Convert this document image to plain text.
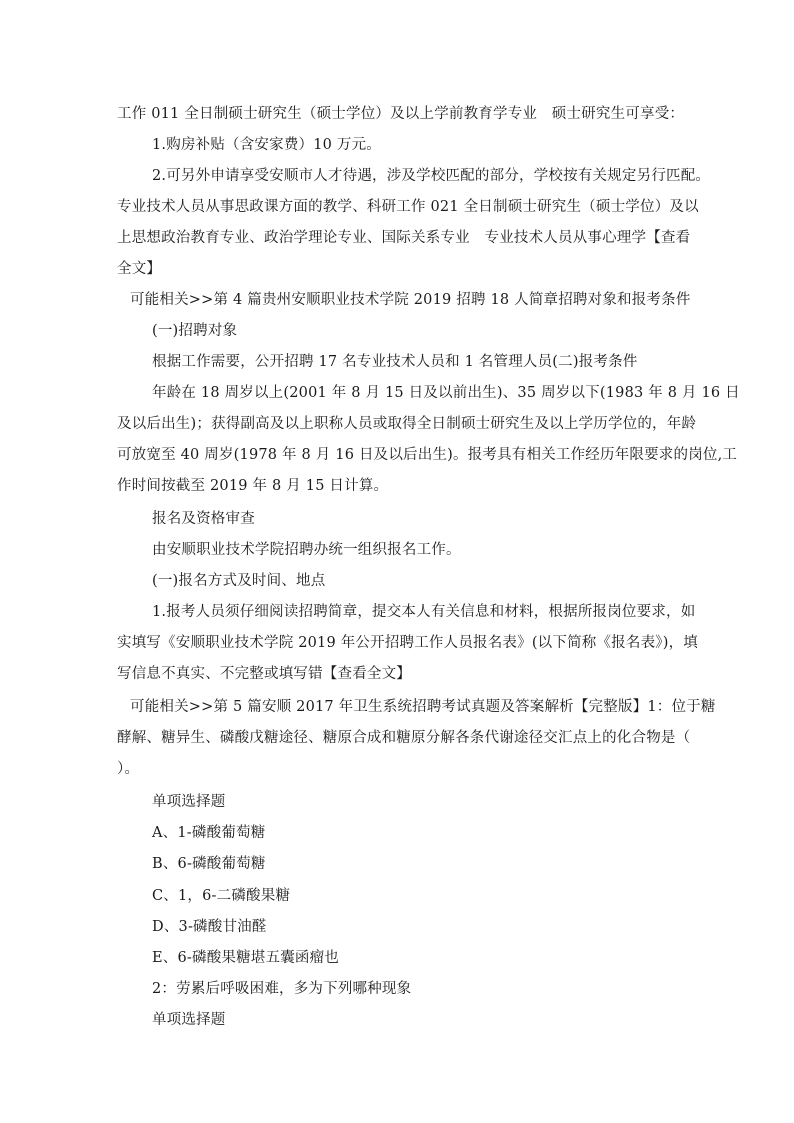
工作 011 全日制硕士研究生（硕士学位）及以上学前教育学专业　硕士研究生可享受：
1.购房补贴（含安家费）10 万元。
2.可另外申请享受安顺市人才待遇，涉及学校匹配的部分，学校按有关规定另行匹配。
专业技术人员从事思政课方面的教学、科研工作 021 全日制硕士研究生（硕士学位）及以
上思想政治教育专业、政治学理论专业、国际关系专业　专业技术人员从事心理学【查看
全文】
可能相关>>第 4 篇贵州安顺职业技术学院 2019 招聘 18 人简章招聘对象和报考条件
(一)招聘对象
根据工作需要，公开招聘 17 名专业技术人员和 1 名管理人员(二)报考条件
年龄在 18 周岁以上(2001 年 8 月 15 日及以前出生)、35 周岁以下(1983 年 8 月 16 日
及以后出生)；获得副高及以上职称人员或取得全日制硕士研究生及以上学历学位的，年龄
可放宽至 40 周岁(1978 年 8 月 16 日及以后出生)。报考具有相关工作经历年限要求的岗位,工
作时间按截至 2019 年 8 月 15 日计算。
报名及资格审查
由安顺职业技术学院招聘办统一组织报名工作。
(一)报名方式及时间、地点
1.报考人员须仔细阅读招聘简章，提交本人有关信息和材料，根据所报岗位要求，如
实填写《安顺职业技术学院 2019 年公开招聘工作人员报名表》(以下简称《报名表》)，填
写信息不真实、不完整或填写错【查看全文】
可能相关>>第 5 篇安顺 2017 年卫生系统招聘考试真题及答案解析【完整版】1：位于糖
酵解、糖异生、磷酸戊糖途径、糖原合成和糖原分解各条代谢途径交汇点上的化合物是（
）。
单项选择题
A、1-磷酸葡萄糖
B、6-磷酸葡萄糖
C、1，6-二磷酸果糖
D、3-磷酸甘油醛
E、6-磷酸果糖堪五囊函瘤也
2：劳累后呼吸困难，多为下列哪种现象
单项选择题
